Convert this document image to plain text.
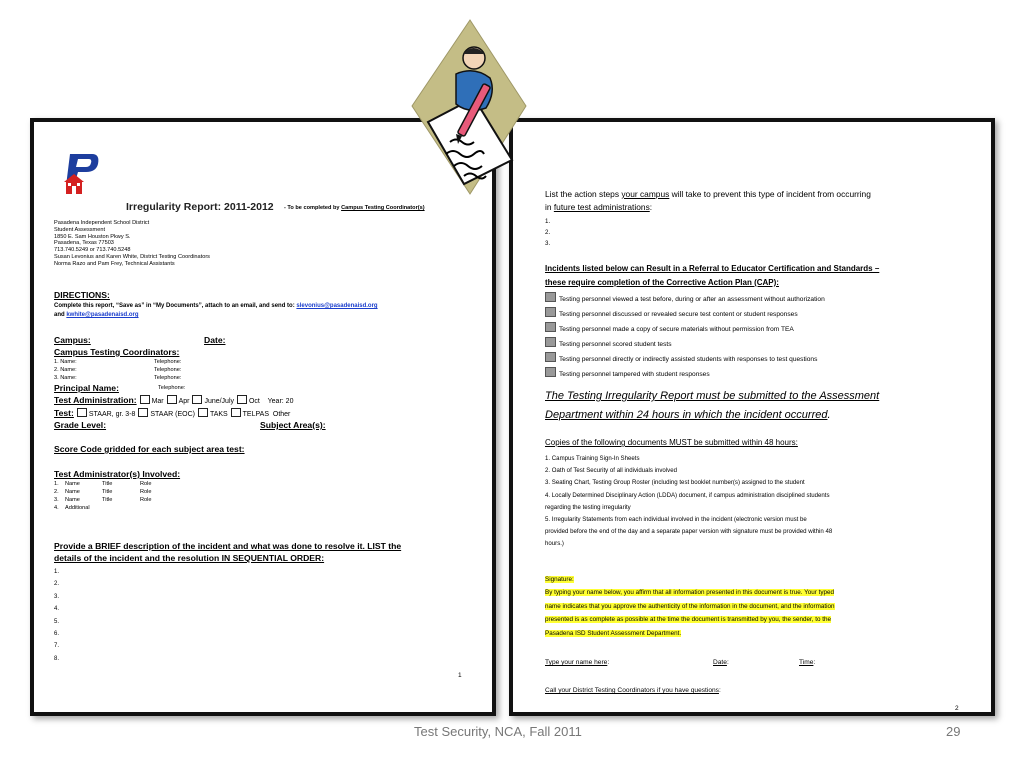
Irregularity Report: 2011-2012 - To be completed by Campus Testing Coordinator(s)
Pasadena Independent School District
Student Assessment
1850 E. Sam Houston Pkwy S.
Pasadena, Texas 77503
713.740.5249 or 713.740.5248
Susan Levonius and Karen White, District Testing Coordinators
Norma Razo and Pam Frey, Technical Assistants
DIRECTIONS:
Complete this report, “Save as” in “My Documents”, attach to an email, and send to: slevonius@pasadenaisd.org
and kwhite@pasadenaisd.org
Campus:	Date:
Campus Testing Coordinators:
1. Name:	Telephone:
2. Name:	Telephone:
3. Name:	Telephone:
Principal Name:	Telephone:
Test Administration: Mar Apr June/July Oct Year: 20
Test: STAAR, gr. 3-8 STAAR (EOC) TAKS TELPAS Other
Grade Level:	Subject Area(s):
Score Code gridded for each subject area test:
Test Administrator(s) Involved:
1. Name	Title	Role
2. Name	Title	Role
3. Name	Title	Role
4. Additional
Provide a BRIEF description of the incident and what was done to resolve it. LIST the
details of the incident and the resolution IN SEQUENTIAL ORDER:
1.
2.
3.
4.
5.
6.
7.
8.
1
List the action steps your campus will take to prevent this type of incident from occurring
in future test administrations:
1.
2.
3.
Incidents listed below can Result in a Referral to Educator Certification and Standards –
these require completion of the Corrective Action Plan (CAP):
Testing personnel viewed a test before, during or after an assessment without authorization
Testing personnel discussed or revealed secure test content or student responses
Testing personnel made a copy of secure materials without permission from TEA
Testing personnel scored student tests
Testing personnel directly or indirectly assisted students with responses to test questions
Testing personnel tampered with student responses
The Testing Irregularity Report must be submitted to the Assessment
Department within 24 hours in which the incident occurred.
Copies of the following documents MUST be submitted within 48 hours:
1. Campus Training Sign-In Sheets
2. Oath of Test Security of all individuals involved
3. Seating Chart, Testing Group Roster (including test booklet number(s) assigned to the student
4. Locally Determined Disciplinary Action (LDDA) document, if campus administration disciplined students
regarding the testing irregularity
5. Irregularity Statements from each individual involved in the incident (electronic version must be
provided before the end of the day and a separate paper version with signature must be provided within 48
hours.)
Signature:
By typing your name below, you affirm that all information presented in this document is true. Your typed
name indicates that you approve the authenticity of the information in the document, and the information
presented is as complete as possible at the time the document is transmitted by you, the sender, to the
Pasadena ISD Student Assessment Department.
Type your name here:	Date:	Time:
Call your District Testing Coordinators if you have questions:
2
Test Security, NCA, Fall 2011	29
